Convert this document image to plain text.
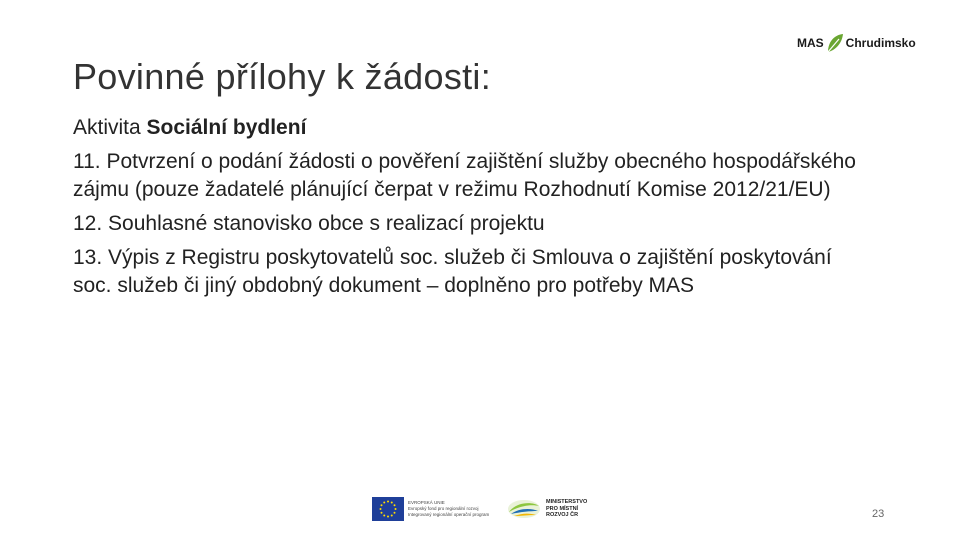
MAS Chrudimsko
Povinné přílohy k žádosti:

Aktivita Sociální bydlení

11. Potvrzení o podání žádosti o pověření zajištění služby obecného hospodářského zájmu (pouze žadatelé plánující čerpat v režimu Rozhodnutí Komise 2012/21/EU)

12. Souhlasné stanovisko obce s realizací projektu

13. Výpis z Registru poskytovatelů soc. služeb či Smlouva o zajištění poskytování soc. služeb či jiný obdobný dokument – doplněno pro potřeby MAS

EVROPSKÁ UNIE
Evropský fond pro regionální rozvoj
Integrovaný regionální operační program
MINISTERSTVO
PRO MÍSTNÍ
ROZVOJ ČR	23
